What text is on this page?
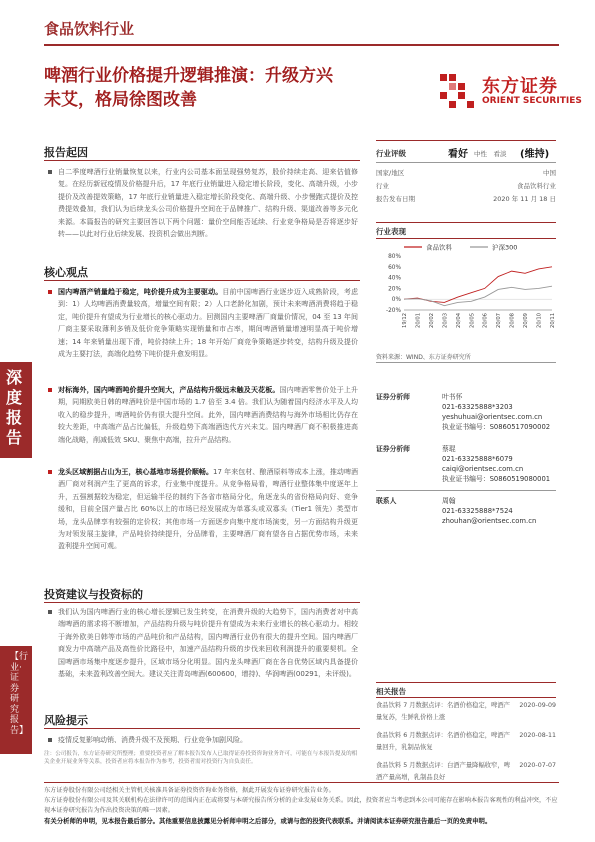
食品饮料行业
啤酒行业价格提升逻辑推演：升级方兴
未艾，格局徐图改善
东方证券
ORIENT SECURITIES
深度报告
【行业·证券研究报告】
报告起因
自二季度啤酒行业销量恢复以来，行业内公司基本面呈现强势复苏，股价持续走高、迎来估值修复。在经历新冠疫情及价格提升后，17 年底行业销量进入稳定增长阶段，变化、高端升级，小步提价及改善提效策略，17 年底行业销量进入稳定增长阶段变化、高端升级、小步慢跑式提价及控费提效叠加，我们认为后续龙头公司价格提升空间在于品牌推广、结构升级、渠道改善等多元化来源。本篇报告的研究主要回答以下两个问题：量价空间能否延续、行业竞争格局是否将逐步好转——以此对行业后续发展、投资机会做出判断。
核心观点
国内啤酒产销量趋于稳定，吨价提升成为主要驱动。目前中国啤酒行业逐步迈入成熟阶段，考虑到：1）人均啤酒消费量较高，增量空间有限；2）人口老龄化加剧，预计未来啤酒消费将趋于稳定，吨价提升有望成为行业增长的核心驱动力。回测国内主要啤酒厂商量价情况，04 至 13 年间厂商主要采取薄利多销及低价竞争策略实现销量和市占率，期间啤酒销量增速明显高于吨价增速；14 年来销量出现下滑，吨价持续上升；18 年开始厂商竞争策略逐步转变，结构升级及提价成为主要打法，高端化趋势下吨价提升愈发明显。
对标海外，国内啤酒吨价提升空间大，产品结构升级远未触及天花板。国内啤酒零售价处于上升期，同期欧美日韩的啤酒吨价是中国市场的 1.7 倍至 3.4 倍。我们认为随着国内经济水平及人均收入的稳步提升，啤酒吨价仍有很大提升空间。此外，国内啤酒消费结构与海外市场相比仍存在较大差距，中高端产品占比偏低，升级趋势下高端酒迭代方兴未艾。国内啤酒厂商不积极推进高端化战略，削减低效 SKU、聚焦中高端，拉升产品结构。
龙头区域割据占山为王，核心基地市场提价顺畅。17 年来包材、酿酒原料等成本上涨，推动啤酒酒厂商对利润产生了更高的诉求，行业集中度提升。从竞争格局看，啤酒行业整体集中度逐年上升，五强割据较为稳定，但运输半径的制约下各省市格局分化，角逐龙头的省份格局向好、竞争缓和，目前全国产量占比 60%以上的市场已经发展成为单寡头或双寡头（Tier1 领先）类型市场，龙头品牌享有较强的定价权；其他市场一方面逐步向集中度市场演变，另一方面结构升级更为对领发展主旋律，产品吨价持续提升，分品牌看，主要啤酒厂商有望各自占据优势市场，未来盈利提升空间可观。
投资建议与投资标的
我们认为国内啤酒行业的核心增长逻辑已发生转变，在消费升级的大趋势下，国内消费者对中高端啤酒的需求将不断增加，产品结构升级与吨价提升有望成为未来行业增长的核心驱动力。相较于海外欧美日韩等市场的产品吨价和产品结构，国内啤酒行业仍有很大的提升空间。国内啤酒厂商发力中高端产品及高性价比路径中，加速产品结构升级的步伐来回收利润提升的重要契机。全国啤酒市场集中度逐步提升，区域市场分化明显。国内龙头啤酒厂商在各自优势区域内具备提价基础，未来盈利改善空间大。建议关注青岛啤酒(600600，增持)、华润啤酒(00291，未评级)。
风险提示
疫情反复影响动销、消费升级不及预期、行业竞争加剧风险。
注：公司报告，东方证券研究所整理；重要投资者应了解本报告发布人已取得证券投资咨询业务许可，可能在与本报告提及的相关企业开展业务等关系，投资者应将本报告作为参考，投资者需对投资行为自负责任。
行业评级	看好 中性　看淡 (维持)
国家/地区	中国
行业	食品饮料行业
报告发布日期	2020 年 11 月 18 日
行业表现
食品饮料	沪深300
80%
60%
40%
20%
0%
-20%
19/12 20/01 20/02 20/03 20/04 20/05 20/06 20/07 20/08 20/09 20/10 20/11
资料来源：WIND、东方证券研究所
证券分析师	叶书怀
021-63325888*3203
yeshuhuai@orientsec.com.cn
执业证书编号：S0860517090002
证券分析师	蔡琨
021-63325888*6079
caiqi@orientsec.com.cn
执业证书编号：S0860519080001
联系人	周翰
021-63325888*7524
zhouhan@orientsec.com.cn
相关报告
食品饮料 7 月数据点评：名酒价格稳定，啤酒产量复苏，生鲜乳价格上涨
2020-09-09
食品饮料 6 月数据点评：名酒价格稳定，啤酒产量回升，乳制品恢复
2020-08-11
食品饮料 5 月数据点评：白酒产量降幅收窄，啤酒产量高增，乳制品良好
2020-07-07
东方证券股份有限公司经相关主管机关核准具备证券投资咨询业务资格，据此开展发布证券研究报告业务。
东方证券股份有限公司及其关联机构在法律许可的范围内正在或将要与本研究报告所分析的企业发展业务关系。因此，投资者应当考虑到本公司可能存在影响本报告客观性的利益冲突，不应视本证券研究报告为作出投资决策的唯一因素。
有关分析师的申明，见本报告最后部分。其他重要信息披露见分析师申明之后部分，或请与您的投资代表联系。并请阅读本证券研究报告最后一页的免责申明。
